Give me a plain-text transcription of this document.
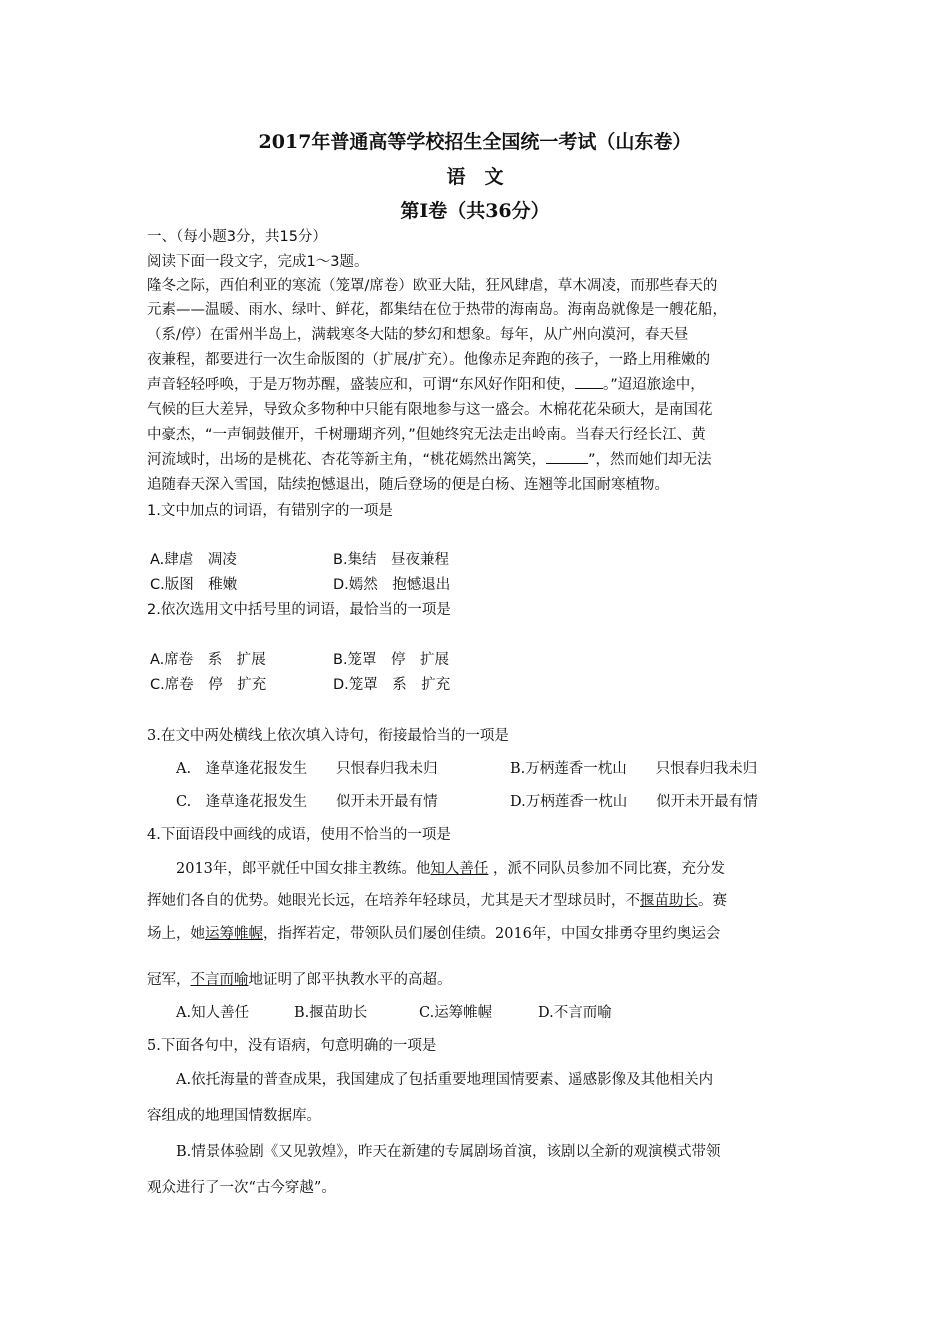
2017年普通高等学校招生全国统一考试（山东卷）
语　文
第Ⅰ卷（共36分）
一、（每小题3分，共15分）
阅读下面一段文字，完成1～3题。
隆冬之际，西伯利亚的寒流（笼罩/席卷）欧亚大陆，狂风肆虐，草木凋凌，而那些春天的
元素——温暖、雨水、绿叶、鲜花，都集结在位于热带的海南岛。海南岛就像是一艘花船，
（系/停）在雷州半岛上，满载寒冬大陆的梦幻和想象。每年，从广州向漠河，春天昼
夜兼程，都要进行一次生命版图的（扩展/扩充）。他像赤足奔跑的孩子，一路上用稚嫩的
声音轻轻呼唤，于是万物苏醒，盛装应和，可谓“东风好作阳和使， 。”迢迢旅途中，
气候的巨大差异，导致众多物种中只能有限地参与这一盛会。木棉花花朵硕大，是南国花
中豪杰，“一声铜鼓催开，千树珊瑚齐列，”但她终究无法走出岭南。当春天行经长江、黄
河流域时，出场的是桃花、杏花等新主角，“桃花嫣然出篱笑，	”，然而她们却无法
追随春天深入雪国，陆续抱憾退出，随后登场的便是白杨、连翘等北国耐寒植物。
1.文中加点的词语，有错别字的一项是
A.肆虐　凋凌	B.集结　昼夜兼程
C.版图　稚嫩	D.嫣然　抱憾退出
2.依次选用文中括号里的词语，最恰当的一项是
A.席卷　系　扩展	B.笼罩　停　扩展
C.席卷　停　扩充	D.笼罩　系　扩充
3.在文中两处横线上依次填入诗句，衔接最恰当的一项是
A.　逢草逢花报发生　　只恨春归我未归	B.万柄莲香一枕山　　只恨春归我未归
C.　逢草逢花报发生　　似开未开最有情	D.万柄莲香一枕山　　似开未开最有情
4.下面语段中画线的成语，使用不恰当的一项是
2013年，郎平就任中国女排主教练。他知人善任 ，派不同队员参加不同比赛，充分发
挥她们各自的优势。她眼光长远，在培养年轻球员，尤其是天才型球员时，不揠苗助长。赛
场上，她运筹帷幄，指挥若定，带领队员们屡创佳绩。2016年，中国女排勇夺里约奥运会
冠军，不言而喻地证明了郎平执教水平的高超。
A.知人善任	B.揠苗助长	C.运筹帷幄	D.不言而喻
5.下面各句中，没有语病，句意明确的一项是
A.依托海量的普查成果，我国建成了包括重要地理国情要素、遥感影像及其他相关内
容组成的地理国情数据库。
B.情景体验剧《又见敦煌》，昨天在新建的专属剧场首演，该剧以全新的观演模式带领
观众进行了一次“古今穿越”。
